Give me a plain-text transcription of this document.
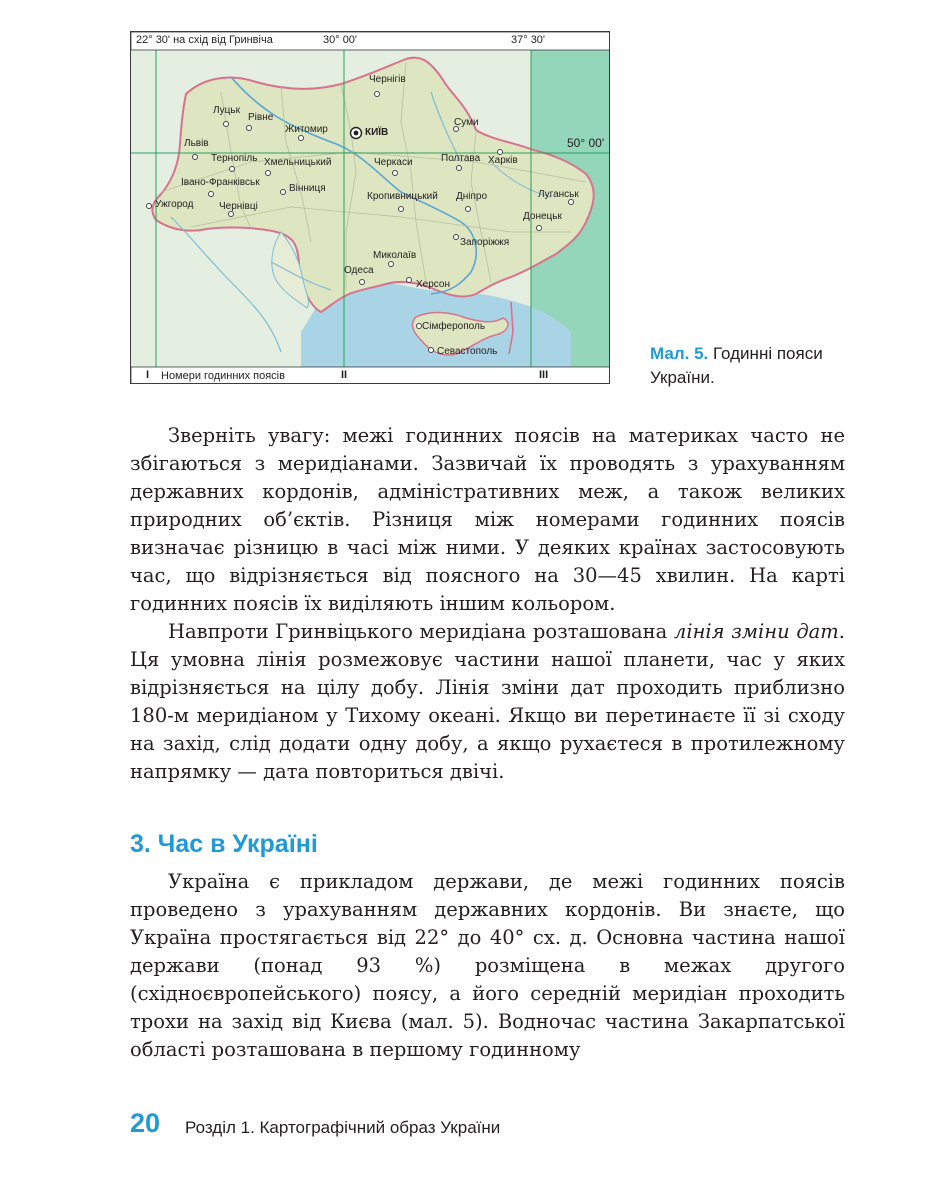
22° 30' на схід від Гринвіча	30° 00'	37° 30'
50° 00'
I Номери годинних поясів	II	III
Чернігів
Луцьк
Рівне
Житомир	КИЇВ
Суми
Львів
Тернопіль Хмельницький	Черкаси	Полтава Харків
Івано-Франківськ
Вінниця
Луганськ
Ужгород	Чернівці
Кропивницький Дніпро
Донецьк
Запоріжжя
Миколаїв
Одеса
Херсон
Сімферополь
Севастополь	Мал. 5. Годинні пояси України.

Зверніть увагу: межі годинних поясів на материках часто не збігаються з меридіанами. Зазвичай їх проводять з урахуванням державних кордонів, адміністративних меж, а також великих природних об’єктів. Різниця між номерами годинних поясів визначає різницю в часі між ними. У деяких країнах застосовують час, що відрізняється від поясного на 30—45 хвилин. На карті годинних поясів їх виділяють іншим кольором.

Навпроти Гринвіцького меридіана розташована лінія зміни дат. Ця умовна лінія розмежовує частини нашої планети, час у яких відрізняється на цілу добу. Лінія зміни дат проходить приблизно 180-м меридіаном у Тихому океані. Якщо ви перетинаєте її зі сходу на захід, слід додати одну добу, а якщо рухаєтеся в протилежному напрямку — дата повториться двічі.

3. Час в Україні

Україна є прикладом держави, де межі годинних поясів проведено з урахуванням державних кордонів. Ви знаєте, що Україна простягається від 22° до 40° сх. д. Основна частина нашої держави (понад 93 %) розміщена в межах другого (східноєвропейського) поясу, а його середній меридіан проходить трохи на захід від Києва (мал. 5). Водночас частина Закарпатської області розташована в першому годинному

20 Розділ 1. Картографічний образ України
